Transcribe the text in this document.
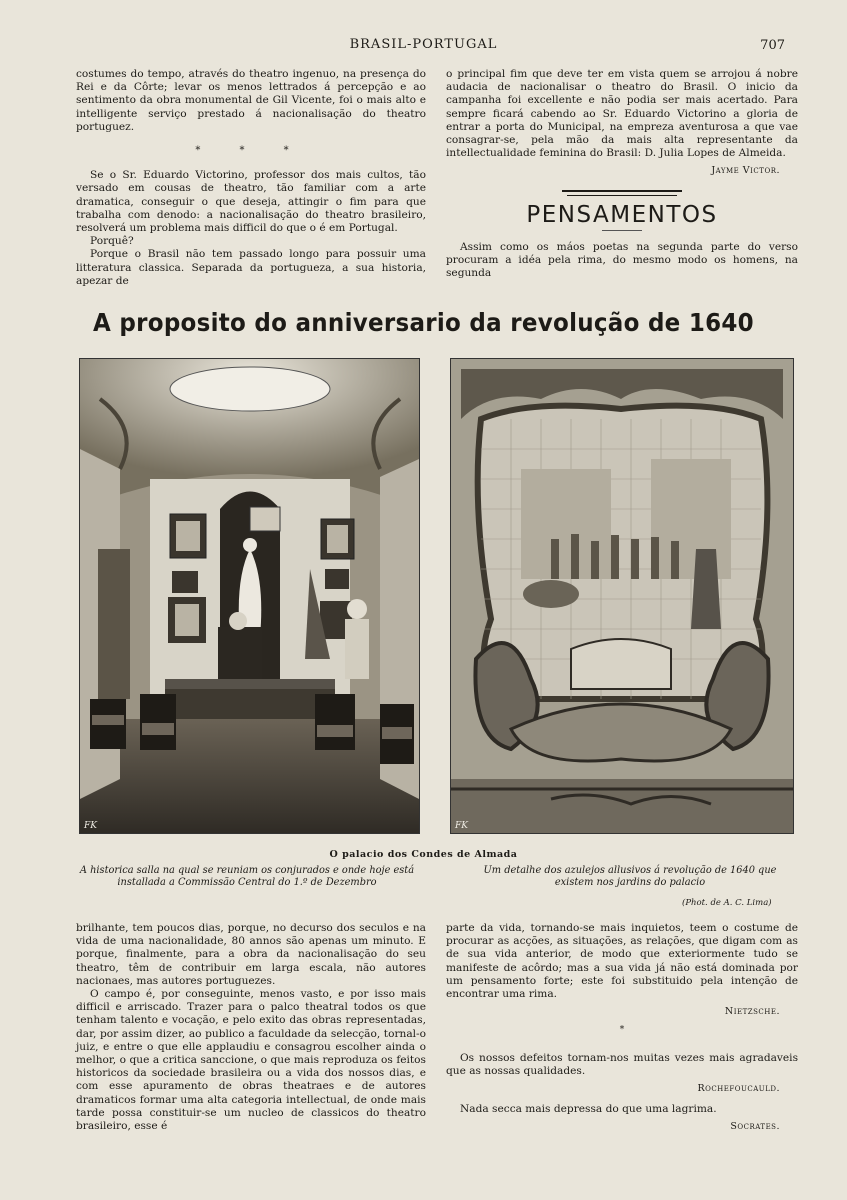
BRASIL-PORTUGAL	707

costumes do tempo, através do theatro ingenuo, na presença do Rei e da Côrte; levar os menos lettrados á percepção e ao sentimento da obra monumental de Gil Vicente, foi o mais alto e intelligente serviço prestado á nacionalisação do theatro portuguez.

* * *

Se o Sr. Eduardo Victorino, professor dos mais cultos, tão versado em cousas de theatro, tão familiar com a arte dramatica, conseguir o que deseja, attingir o fim para que trabalha com denodo: a nacionalisação do theatro brasileiro, resolverá um problema mais difficil do que o é em Portugal.

Porquê?

Porque o Brasil não tem passado longo para possuir uma litteratura classica. Separada da portugueza, a sua historia, apezar de

o principal fim que deve ter em vista quem se arrojou á nobre audacia de nacionalisar o theatro do Brasil. O inicio da campanha foi excellente e não podia ser mais acertado. Para sempre ficará cabendo ao Sr. Eduardo Victorino a gloria de entrar a porta do Municipal, na empreza aventurosa a que vae consagrar-se, pela mão da mais alta representante da intellectualidade feminina do Brasil: D. Julia Lopes de Almeida.

Jayme Victor.
PENSAMENTOS

Assim como os máos poetas na segunda parte do verso procuram a idéa pela rima, do mesmo modo os homens, na segunda

A proposito do anniversario da revolução de 1640
FK	FK
O palacio dos Condes de Almada
A historica salla na qual se reuniam os conjurados e onde hoje está installada a Commissão Central do 1.º de Dezembro
Um detalhe dos azulejos allusivos á revolução de 1640 que existem nos jardins do palacio
(Phot. de A. C. Lima)

brilhante, tem poucos dias, porque, no decurso dos seculos e na vida de uma nacionalidade, 80 annos são apenas um minuto. E porque, finalmente, para a obra da nacionalisação do seu theatro, têm de contribuir em larga escala, não autores nacionaes, mas autores portuguezes.

O campo é, por conseguinte, menos vasto, e por isso mais difficil e arriscado. Trazer para o palco theatral todos os que tenham talento e vocação, e pelo exito das obras representadas, dar, por assim dizer, ao publico a faculdade da selecção, tornal-o juiz, e entre o que elle applaudiu e consagrou escolher ainda o melhor, o que a critica sanccione, o que mais reproduza os feitos historicos da sociedade brasileira ou a vida dos nossos dias, e com esse apuramento de obras theatraes e de autores dramaticos formar uma alta categoria intellectual, de onde mais tarde possa constituir-se um nucleo de classicos do theatro brasileiro, esse é

parte da vida, tornando-se mais inquietos, teem o costume de procurar as acções, as situações, as relações, que digam com as de sua vida anterior, de modo que exteriormente tudo se manifeste de acôrdo; mas a sua vida já não está dominada por um pensamento forte; este foi substituido pela intenção de encontrar uma rima.

Nietzsche.
*

Os nossos defeitos tornam-nos muitas vezes mais agradaveis que as nossas qualidades.

Rochefoucauld.

Nada secca mais depressa do que uma lagrima.

Socrates.
